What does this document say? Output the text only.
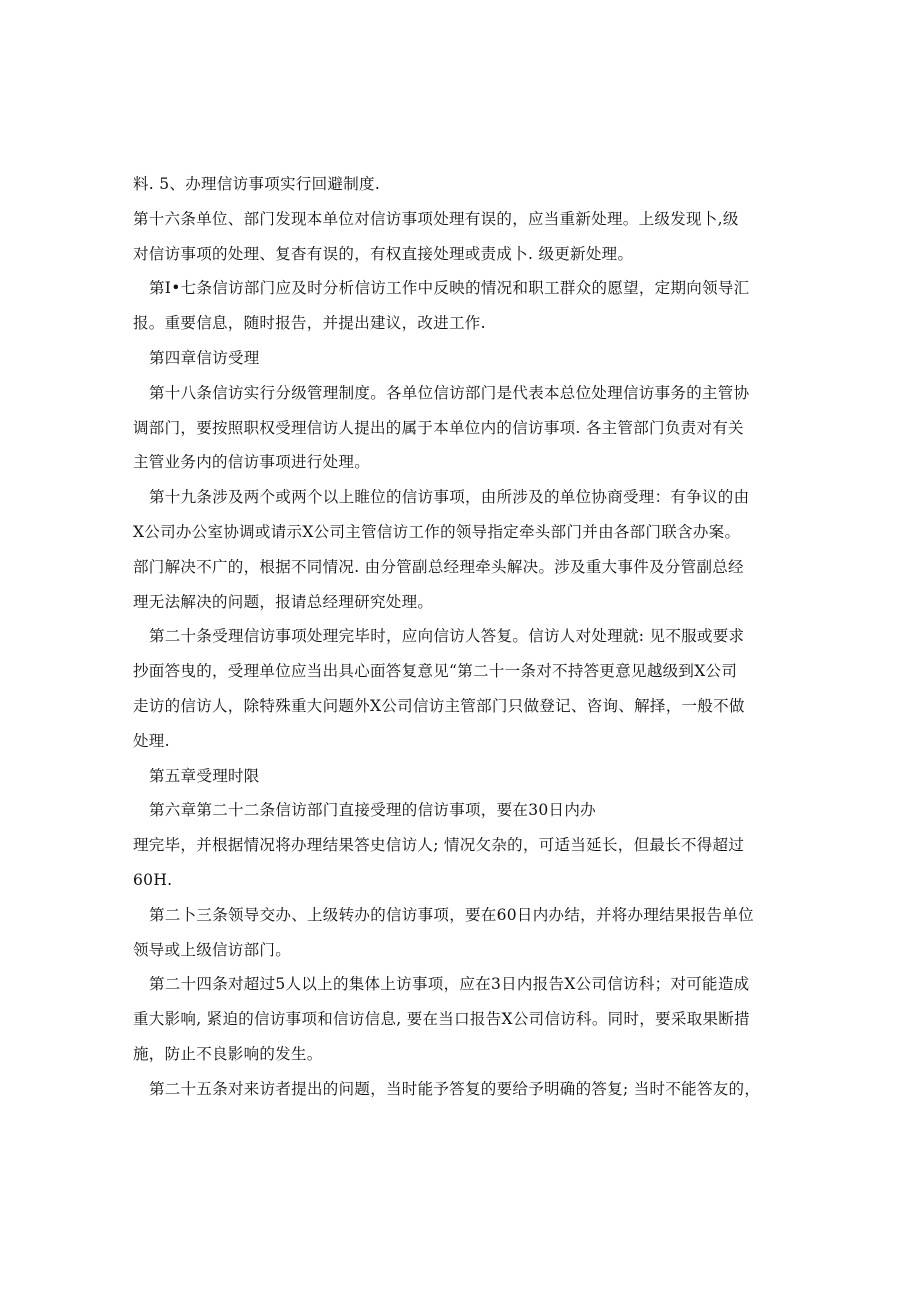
料. 5、办理信访事项实行回避制度.
第十六条单位、部门发现本单位对信访事项处理有误的，应当重新处理。上级发现卜,级
对信访事项的处理、复杳有误的，有权直接处理或责成卜. 级更新处理。
第I•七条信访部门应及时分析信访工作中反映的情况和职工群众的愿望，定期向领导汇
报。重要信息，随时报告，并提出建议，改进工作.
第四章信访受理
第十八条信访实行分级管理制度。各单位信访部门是代表本总位处理信访事务的主管协
调部门，要按照职权受理信访人提出的属于本单位内的信访事项. 各主管部门负责对有关
主管业务内的信访事项进行处理。
第十九条涉及两个或两个以上睢位的信访事项，由所涉及的单位协商受理：有争议的由
X公司办公室协调或请示X公司主管信访工作的领导指定牵头部门并由各部门联含办案。
部门解决不广的，根据不同情况. 由分管副总经理牵头解决。涉及重大事件及分管副总经
理无法解决的问题，报请总经理研究处理。
第二十条受理信访事项处理完毕时，应向信访人答复。信访人对处理就: 见不服或要求
抄面答曳的，受理单位应当出具心面答复意见“第二十一条对不持答更意见越级到X公司
走访的信访人，除特殊重大问题外X公司信访主管部门只做登记、咨询、解择，一般不做
处理.
第五章受理时限
第六章第二十二条信访部门直接受理的信访事项，要在30日内办
理完毕，并根据情况将办理结果答史信访人; 情况攵杂的，可适当延长，但最长不得超过
60H.
第二卜三条领导交办、上级转办的信访事项，要在60日内办结，并将办理结果报告单位
领导或上级信访部门。
第二十四条对超过5人以上的集体上访事项，应在3日内报告X公司信访科；对可能造成
重大影响, 紧迫的信访事项和信访信息, 要在当口报告X公司信访科。同时，要采取果断措
施，防止不良影响的发生。
第二十五条对来访者提出的问题，当时能予答复的要给予明确的答复; 当时不能答友的，
